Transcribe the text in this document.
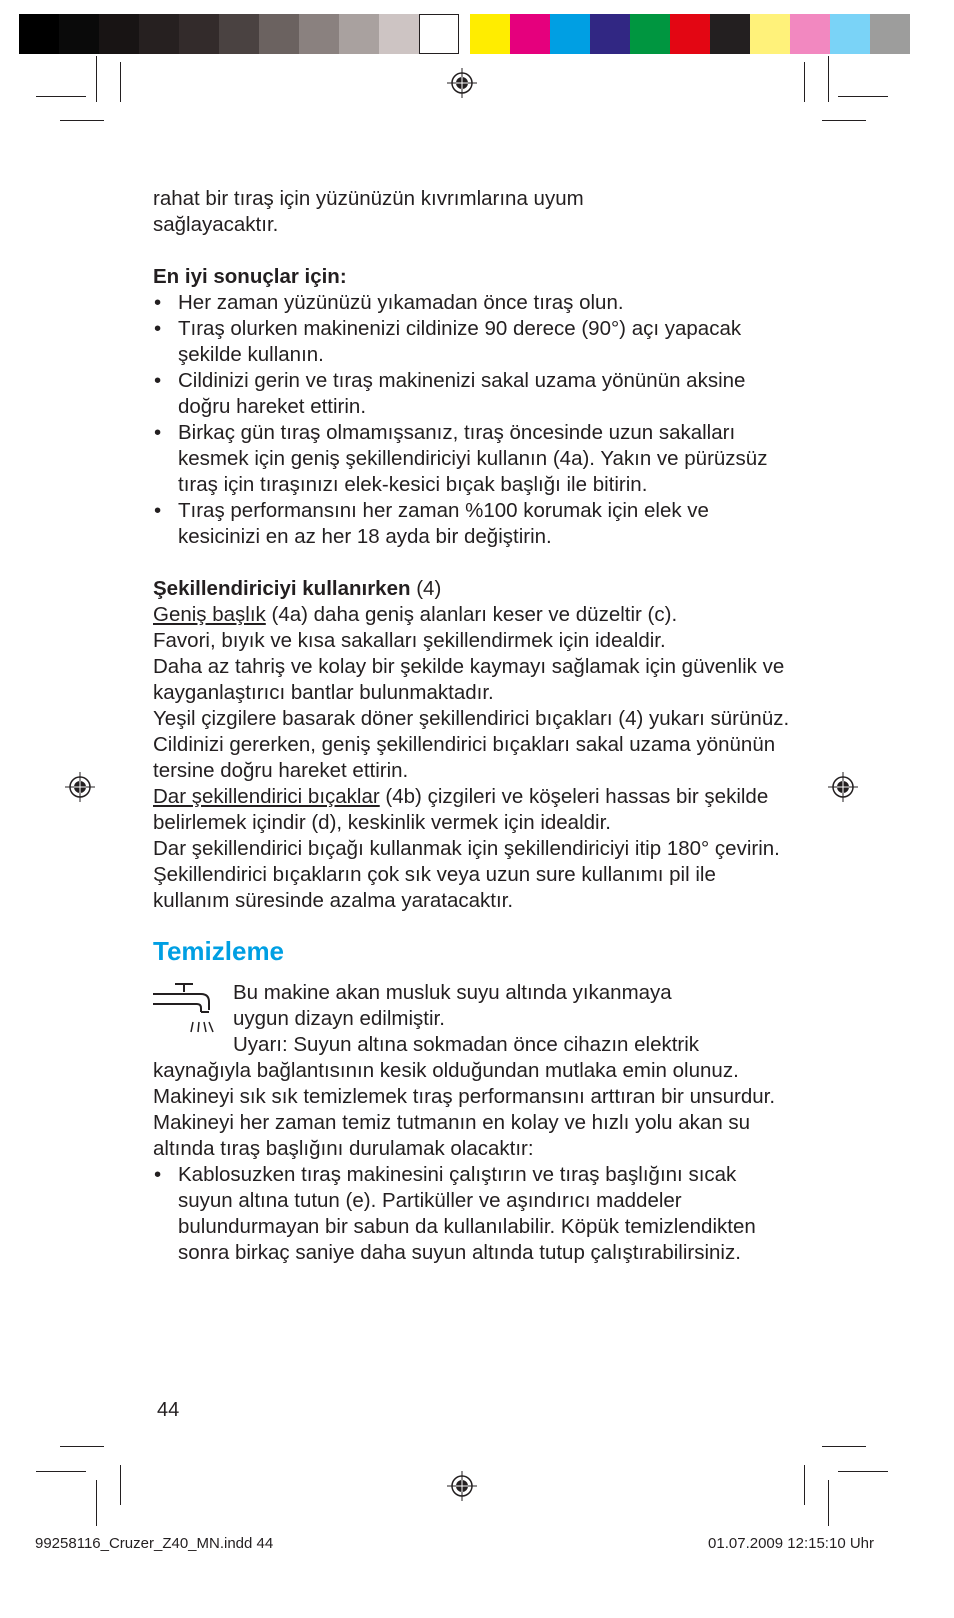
rahat bir tıraş için yüzünüzün kıvrımlarına uyum

sağlayacaktır.

En iyi sonuçlar için:

• Her zaman yüzünüzü yıkamadan önce tıraş olun.
• Tıraş olurken makinenizi cildinize 90 derece (90°) açı yapacak şekilde kullanın.
• Cildinizi gerin ve tıraş makinenizi sakal uzama yönünün aksine doğru hareket ettirin.
• Birkaç gün tıraş olmamışsanız, tıraş öncesinde uzun sakalları kesmek için geniş şekillendiriciyi kullanın (4a). Yakın ve pürüzsüz tıraş için tıraşınızı elek-kesici bıçak başlığı ile bitirin.
• Tıraş performansını her zaman %100 korumak için elek ve kesicinizi en az her 18 ayda bir değiştirin.

Şekillendiriciyi kullanırken (4)

Geniş başlık (4a) daha geniş alanları keser ve düzeltir (c).

Favori, bıyık ve kısa sakalları şekillendirmek için idealdir.

Daha az tahriş ve kolay bir şekilde kaymayı sağlamak için güvenlik ve kayganlaştırıcı bantlar bulunmaktadır.

Yeşil çizgilere basarak döner şekillendirici bıçakları (4) yukarı sürünüz.

Cildinizi gererken, geniş şekillendirici bıçakları sakal uzama yönünün tersine doğru hareket ettirin.

Dar şekillendirici bıçaklar (4b) çizgileri ve köşeleri hassas bir şekilde belirlemek içindir (d), keskinlik vermek için idealdir.

Dar şekillendirici bıçağı kullanmak için şekillendiriciyi itip 180° çevirin.

Şekillendirici bıçakların çok sık veya uzun sure kullanımı pil ile kullanım süresinde azalma yaratacaktır.

Temizleme

Bu makine akan musluk suyu altında yıkanmaya

uygun dizayn edilmiştir.

Uyarı: Suyun altına sokmadan önce cihazın elektrik

kaynağıyla bağlantısının kesik olduğundan mutlaka emin olunuz. Makineyi sık sık temizlemek tıraş performansını arttıran bir unsurdur. Makineyi her zaman temiz tutmanın en kolay ve hızlı yolu akan su altında tıraş başlığını durulamak olacaktır:

• Kablosuzken tıraş makinesini çalıştırın ve tıraş başlığını sıcak suyun altına tutun (e). Partiküller ve aşındırıcı maddeler bulundurmayan bir sabun da kullanılabilir. Köpük temizlendikten sonra birkaç saniye daha suyun altında tutup çalıştırabilirsiniz.
44
99258116_Cruzer_Z40_MN.indd 44	01.07.2009 12:15:10 Uhr
